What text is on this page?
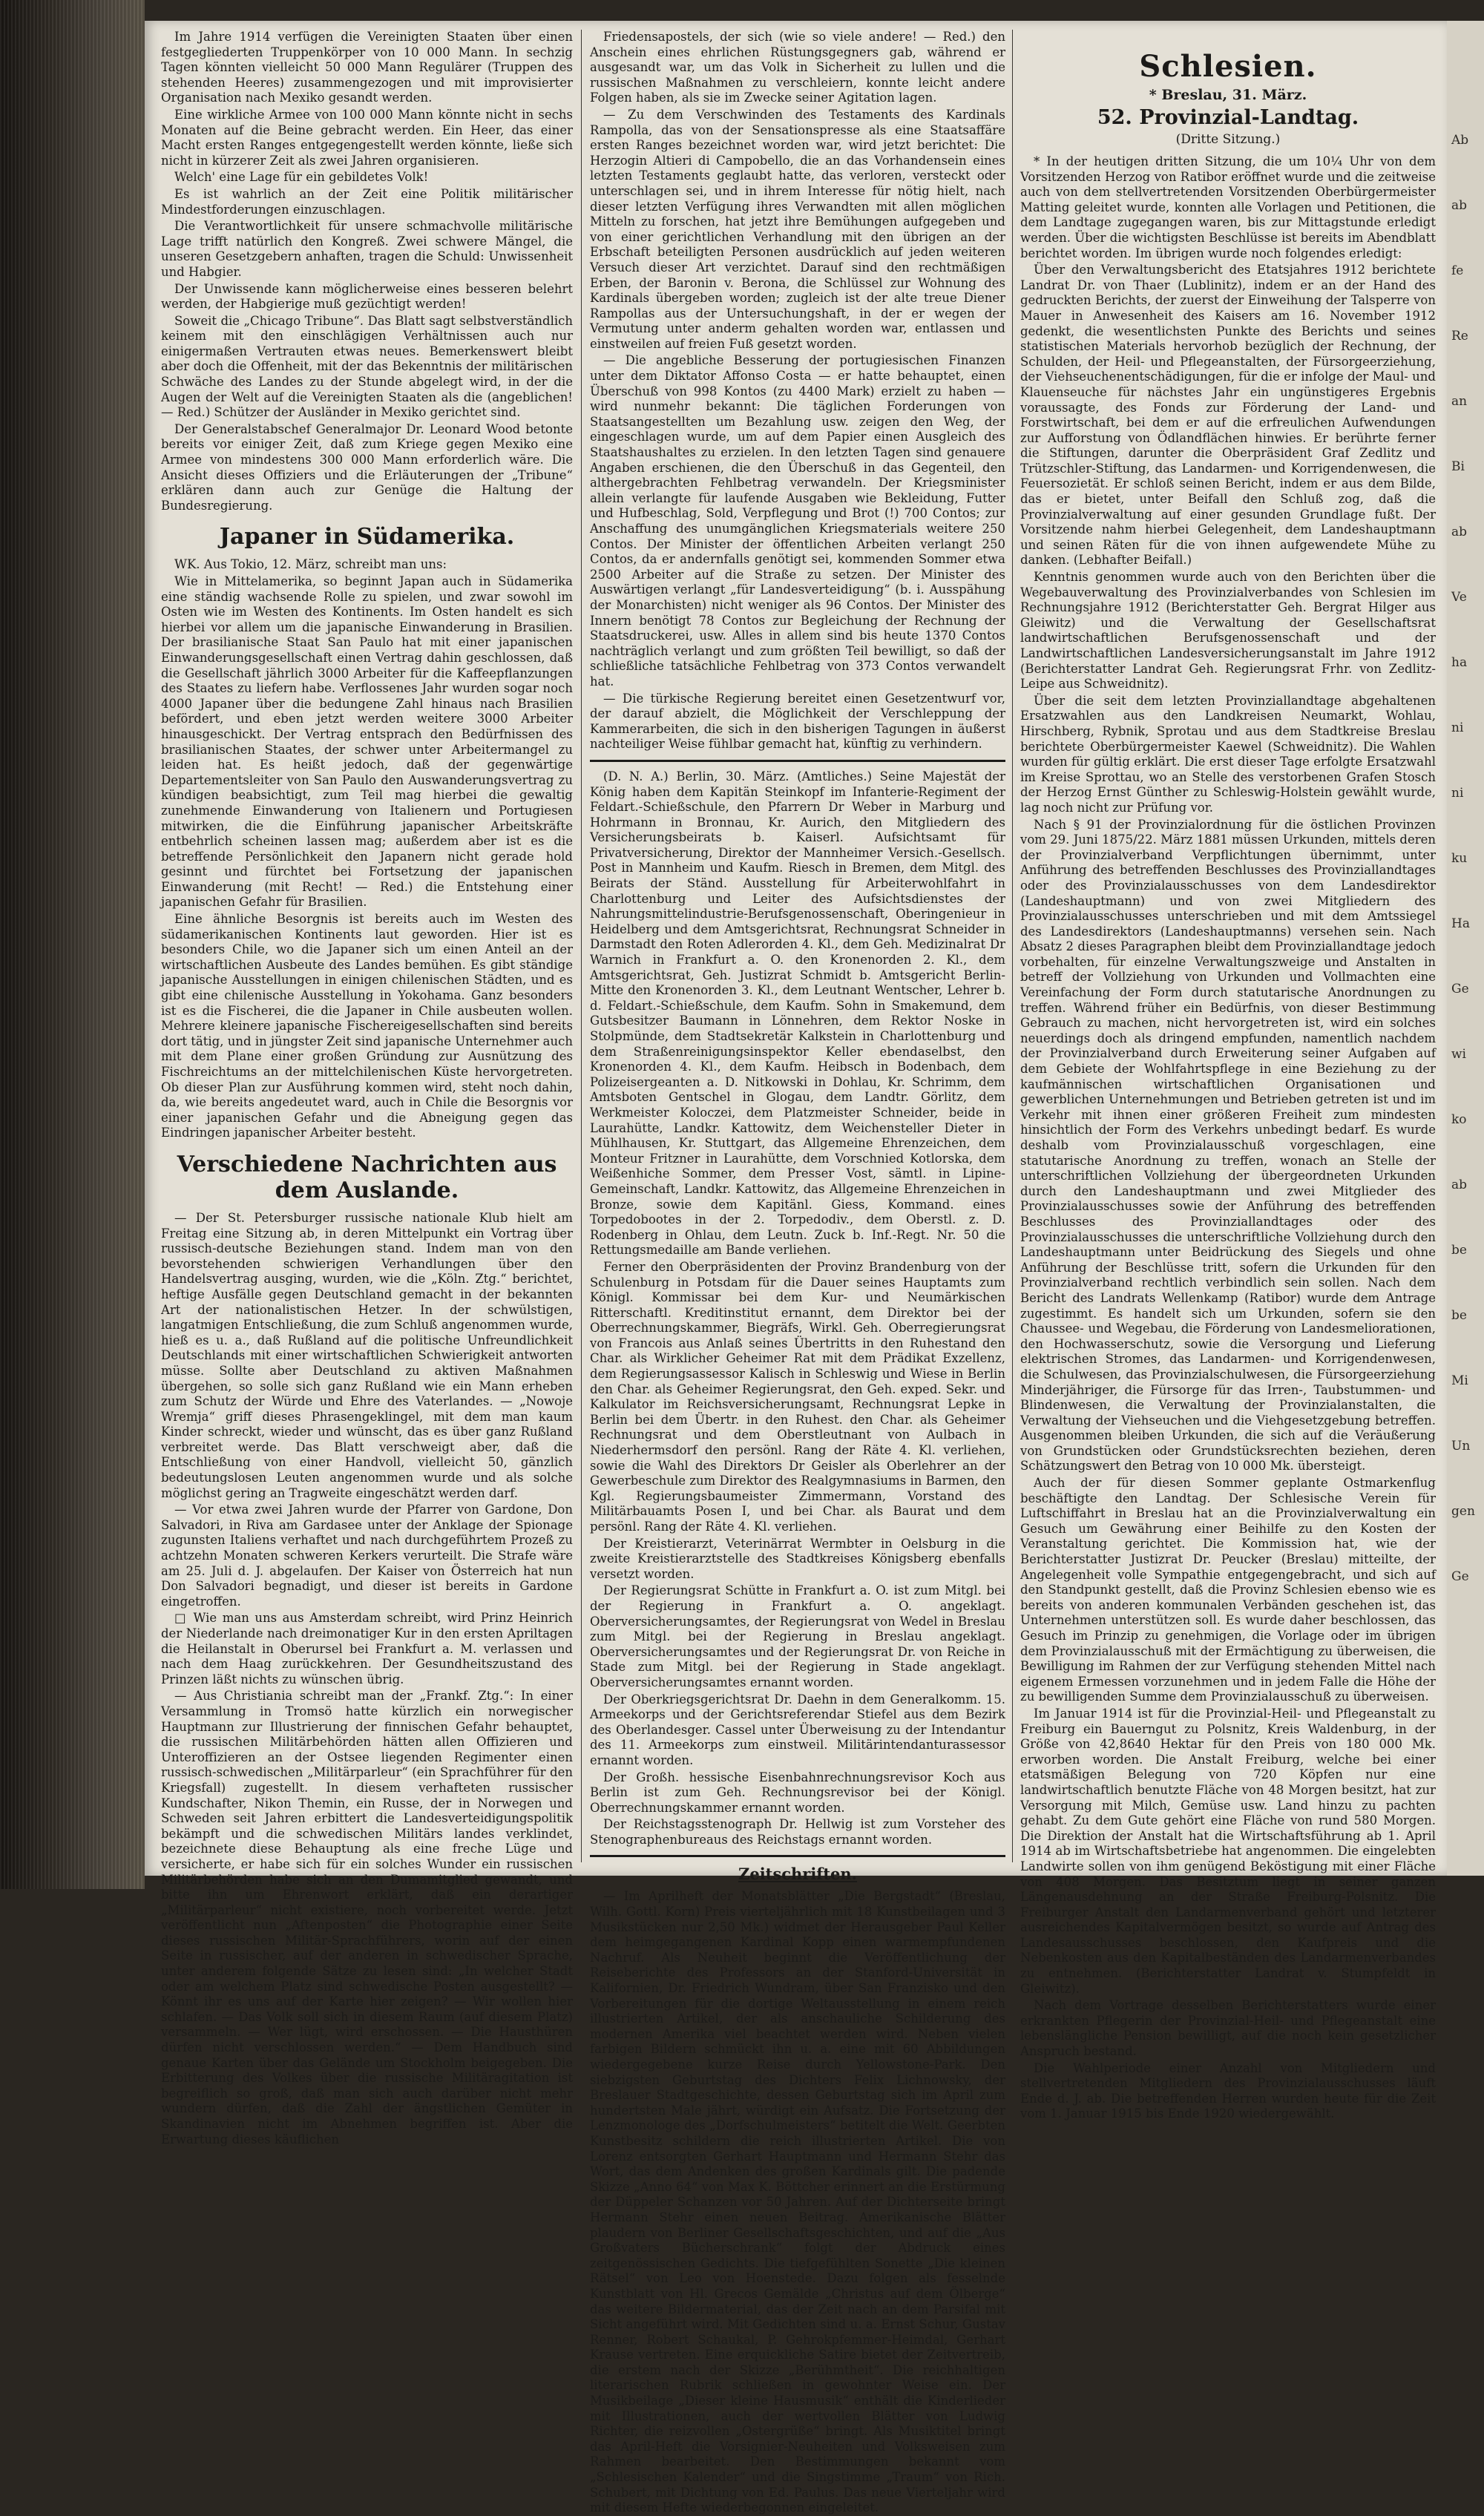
Im Jahre 1914 verfügen die Vereinigten Staaten über einen festgegliederten Truppenkörper von 10 000 Mann. In sechzig Tagen könnten vielleicht 50 000 Mann Regulärer (Truppen des stehenden Heeres) zusammengezogen und mit improvisierter Organisation nach Mexiko gesandt werden.

Eine wirkliche Armee von 100 000 Mann könnte nicht in sechs Monaten auf die Beine gebracht werden. Ein Heer, das einer Macht ersten Ranges entgegengestellt werden könnte, ließe sich nicht in kürzerer Zeit als zwei Jahren organisieren.

Welch' eine Lage für ein gebildetes Volk!

Es ist wahrlich an der Zeit eine Politik militärischer Mindestforderungen einzuschlagen.

Die Verantwortlichkeit für unsere schmachvolle militärische Lage trifft natürlich den Kongreß. Zwei schwere Mängel, die unseren Gesetzgebern anhaften, tragen die Schuld: Unwissenheit und Habgier.

Der Unwissende kann möglicherweise eines besseren belehrt werden, der Habgierige muß gezüchtigt werden!

Soweit die „Chicago Tribune“. Das Blatt sagt selbstverständlich keinem mit den einschlägigen Verhältnissen auch nur einigermaßen Vertrauten etwas neues. Bemerkenswert bleibt aber doch die Offenheit, mit der das Bekenntnis der militärischen Schwäche des Landes zu der Stunde abgelegt wird, in der die Augen der Welt auf die Vereinigten Staaten als die (angeblichen! — Red.) Schützer der Ausländer in Mexiko gerichtet sind.

Der Generalstabschef Generalmajor Dr. Leonard Wood betonte bereits vor einiger Zeit, daß zum Kriege gegen Mexiko eine Armee von mindestens 300 000 Mann erforderlich wäre. Die Ansicht dieses Offiziers und die Erläuterungen der „Tribune“ erklären dann auch zur Genüge die Haltung der Bundesregierung.

Japaner in Südamerika.

WK. Aus Tokio, 12. März, schreibt man uns:

Wie in Mittelamerika, so beginnt Japan auch in Südamerika eine ständig wachsende Rolle zu spielen, und zwar sowohl im Osten wie im Westen des Kontinents. Im Osten handelt es sich hierbei vor allem um die japanische Einwanderung in Brasilien. Der brasilianische Staat San Paulo hat mit einer japanischen Einwanderungsgesellschaft einen Vertrag dahin geschlossen, daß die Gesellschaft jährlich 3000 Arbeiter für die Kaffeepflanzungen des Staates zu liefern habe. Verflossenes Jahr wurden sogar noch 4000 Japaner über die bedungene Zahl hinaus nach Brasilien befördert, und eben jetzt werden weitere 3000 Arbeiter hinausgeschickt. Der Vertrag entsprach den Bedürfnissen des brasilianischen Staates, der schwer unter Arbeitermangel zu leiden hat. Es heißt jedoch, daß der gegenwärtige Departementsleiter von San Paulo den Auswanderungsvertrag zu kündigen beabsichtigt, zum Teil mag hierbei die gewaltig zunehmende Einwanderung von Italienern und Portugiesen mitwirken, die die Einführung japanischer Arbeitskräfte entbehrlich scheinen lassen mag; außerdem aber ist es die betreffende Persönlichkeit den Japanern nicht gerade hold gesinnt und fürchtet bei Fortsetzung der japanischen Einwanderung (mit Recht! — Red.) die Entstehung einer japanischen Gefahr für Brasilien.

Eine ähnliche Besorgnis ist bereits auch im Westen des südamerikanischen Kontinents laut geworden. Hier ist es besonders Chile, wo die Japaner sich um einen Anteil an der wirtschaftlichen Ausbeute des Landes bemühen. Es gibt ständige japanische Ausstellungen in einigen chilenischen Städten, und es gibt eine chilenische Ausstellung in Yokohama. Ganz besonders ist es die Fischerei, die die Japaner in Chile ausbeuten wollen. Mehrere kleinere japanische Fischereigesellschaften sind bereits dort tätig, und in jüngster Zeit sind japanische Unternehmer auch mit dem Plane einer großen Gründung zur Ausnützung des Fischreichtums an der mittelchilenischen Küste hervorgetreten. Ob dieser Plan zur Ausführung kommen wird, steht noch dahin, da, wie bereits angedeutet ward, auch in Chile die Besorgnis vor einer japanischen Gefahr und die Abneigung gegen das Eindringen japanischer Arbeiter besteht.

Verschiedene Nachrichten aus dem Auslande.

— Der St. Petersburger russische nationale Klub hielt am Freitag eine Sitzung ab, in deren Mittelpunkt ein Vortrag über russisch-deutsche Beziehungen stand. Indem man von den bevorstehenden schwierigen Verhandlungen über den Handelsvertrag ausging, wurden, wie die „Köln. Ztg.“ berichtet, heftige Ausfälle gegen Deutschland gemacht in der bekannten Art der nationalistischen Hetzer. In der schwülstigen, langatmigen Entschließung, die zum Schluß angenommen wurde, hieß es u. a., daß Rußland auf die politische Unfreundlichkeit Deutschlands mit einer wirtschaftlichen Schwierigkeit antworten müsse. Sollte aber Deutschland zu aktiven Maßnahmen übergehen, so solle sich ganz Rußland wie ein Mann erheben zum Schutz der Würde und Ehre des Vaterlandes. — „Nowoje Wremja“ griff dieses Phrasengeklingel, mit dem man kaum Kinder schreckt, wieder und wünscht, das es über ganz Rußland verbreitet werde. Das Blatt verschweigt aber, daß die Entschließung von einer Handvoll, vielleicht 50, gänzlich bedeutungslosen Leuten angenommen wurde und als solche möglichst gering an Tragweite eingeschätzt werden darf.

— Vor etwa zwei Jahren wurde der Pfarrer von Gardone, Don Salvadori, in Riva am Gardasee unter der Anklage der Spionage zugunsten Italiens verhaftet und nach durchgeführtem Prozeß zu achtzehn Monaten schweren Kerkers verurteilt. Die Strafe wäre am 25. Juli d. J. abgelaufen. Der Kaiser von Österreich hat nun Don Salvadori begnadigt, und dieser ist bereits in Gardone eingetroffen.

□ Wie man uns aus Amsterdam schreibt, wird Prinz Heinrich der Niederlande nach dreimonatiger Kur in den ersten Apriltagen die Heilanstalt in Oberursel bei Frankfurt a. M. verlassen und nach dem Haag zurückkehren. Der Gesundheitszustand des Prinzen läßt nichts zu wünschen übrig.

— Aus Christiania schreibt man der „Frankf. Ztg.“: In einer Versammlung in Tromsö hatte kürzlich ein norwegischer Hauptmann zur Illustrierung der finnischen Gefahr behauptet, die russischen Militärbehörden hätten allen Offizieren und Unteroffizieren an der Ostsee liegenden Regimenter einen russisch-schwedischen „Militärparleur“ (ein Sprachführer für den Kriegsfall) zugestellt. In diesem verhafteten russischer Kundschafter, Nikon Themin, ein Russe, der in Norwegen und Schweden seit Jahren erbittert die Landesverteidigungspolitik bekämpft und die schwedischen Militärs landes verklindet, bezeichnete diese Behauptung als eine freche Lüge und versicherte, er habe sich für ein solches Wunder ein russischen Militärbehörden habe sich an den Dumamitglied gewandt, und bitte ihn um Ehrenwort erklärt, daß ein derartiger „Militärparleur“ nicht existiere, noch vorbereitet werde. Jetzt veröffentlicht nun „Aftenposten“ die Photographie einer Seite dieses russischen Militär-Sprachführers, worin auf der einen Seite in russischer, auf der anderen in schwedischer Sprache, unter anderem folgende Sätze zu lesen sind: „In welcher Stadt oder am welchem Platz sind schwedische Posten ausgestellt? — Könnt ihr es uns auf der Karte hier zeigen? — Wir wollen hier schlafen. — Das Volk soll sich in diesem Raum (auf diesem Platz) versammeln. — Wer lügt, wird erschossen. — Die Hausthüren dürfen nicht verschlossen werden.“ — Dem Handbuch sind genaue Karten über das Gelände um Stockholm beigegeben. Die Erbitterung des Volkes über die russische Militäragitation ist begreiflich so groß, daß man sich auch darüber nicht mehr wundern dürfen, daß die Zahl der ängstlichen Gemüter in Skandinavien nicht im Abnehmen begriffen ist. Aber die Erwartung dieses käuflichen

Friedensapostels, der sich (wie so viele andere! — Red.) den Anschein eines ehrlichen Rüstungsgegners gab, während er ausgesandt war, um das Volk in Sicherheit zu lullen und die russischen Maßnahmen zu verschleiern, konnte leicht andere Folgen haben, als sie im Zwecke seiner Agitation lagen.

— Zu dem Verschwinden des Testaments des Kardinals Rampolla, das von der Sensationspresse als eine Staatsaffäre ersten Ranges bezeichnet worden war, wird jetzt berichtet: Die Herzogin Altieri di Campobello, die an das Vorhandensein eines letzten Testaments geglaubt hatte, das verloren, versteckt oder unterschlagen sei, und in ihrem Interesse für nötig hielt, nach dieser letzten Verfügung ihres Verwandten mit allen möglichen Mitteln zu forschen, hat jetzt ihre Bemühungen aufgegeben und von einer gerichtlichen Verhandlung mit den übrigen an der Erbschaft beteiligten Personen ausdrücklich auf jeden weiteren Versuch dieser Art verzichtet. Darauf sind den rechtmäßigen Erben, der Baronin v. Berona, die Schlüssel zur Wohnung des Kardinals übergeben worden; zugleich ist der alte treue Diener Rampollas aus der Untersuchungshaft, in der er wegen der Vermutung unter anderm gehalten worden war, entlassen und einstweilen auf freien Fuß gesetzt worden.

— Die angebliche Besserung der portugiesischen Finanzen unter dem Diktator Affonso Costa — er hatte behauptet, einen Überschuß von 998 Kontos (zu 4400 Mark) erzielt zu haben — wird nunmehr bekannt: Die täglichen Forderungen von Staatsangestellten um Bezahlung usw. zeigen den Weg, der eingeschlagen wurde, um auf dem Papier einen Ausgleich des Staatshaushaltes zu erzielen. In den letzten Tagen sind genauere Angaben erschienen, die den Überschuß in das Gegenteil, den althergebrachten Fehlbetrag verwandeln. Der Kriegsminister allein verlangte für laufende Ausgaben wie Bekleidung, Futter und Hufbeschlag, Sold, Verpflegung und Brot (!) 700 Contos; zur Anschaffung des unumgänglichen Kriegsmaterials weitere 250 Contos. Der Minister der öffentlichen Arbeiten verlangt 250 Contos, da er andernfalls genötigt sei, kommenden Sommer etwa 2500 Arbeiter auf die Straße zu setzen. Der Minister des Auswärtigen verlangt „für Landesverteidigung“ (b. i. Ausspähung der Monarchisten) nicht weniger als 96 Contos. Der Minister des Innern benötigt 78 Contos zur Begleichung der Rechnung der Staatsdruckerei, usw. Alles in allem sind bis heute 1370 Contos nachträglich verlangt und zum größten Teil bewilligt, so daß der schließliche tatsächliche Fehlbetrag von 373 Contos verwandelt hat.

— Die türkische Regierung bereitet einen Gesetzentwurf vor, der darauf abzielt, die Möglichkeit der Verschleppung der Kammerarbeiten, die sich in den bisherigen Tagungen in äußerst nachteiliger Weise fühlbar gemacht hat, künftig zu verhindern.

(D. N. A.) Berlin, 30. März. (Amtliches.) Seine Majestät der König haben dem Kapitän Steinkopf im Infanterie-Regiment der Feldart.-Schießschule, den Pfarrern Dr Weber in Marburg und Hohrmann in Bronnau, Kr. Aurich, den Mitgliedern des Versicherungsbeirats b. Kaiserl. Aufsichtsamt für Privatversicherung, Direktor der Mannheimer Versich.-Gesellsch. Post in Mannheim und Kaufm. Riesch in Bremen, dem Mitgl. des Beirats der Ständ. Ausstellung für Arbeiterwohlfahrt in Charlottenburg und Leiter des Aufsichtsdienstes der Nahrungsmittelindustrie-Berufsgenossenschaft, Oberingenieur in Heidelberg und dem Amtsgerichtsrat, Rechnungsrat Schneider in Darmstadt den Roten Adlerorden 4. Kl., dem Geh. Medizinalrat Dr Warnich in Frankfurt a. O. den Kronenorden 2. Kl., dem Amtsgerichtsrat, Geh. Justizrat Schmidt b. Amtsgericht Berlin-Mitte den Kronenorden 3. Kl., dem Leutnant Wentscher, Lehrer b. d. Feldart.-Schießschule, dem Kaufm. Sohn in Smakemund, dem Gutsbesitzer Baumann in Lönnehren, dem Rektor Noske in Stolpmünde, dem Stadtsekretär Kalkstein in Charlottenburg und dem Straßenreinigungsinspektor Keller ebendaselbst, den Kronenorden 4. Kl., dem Kaufm. Heibsch in Bodenbach, dem Polizeisergeanten a. D. Nitkowski in Dohlau, Kr. Schrimm, dem Amtsboten Gentschel in Glogau, dem Landtr. Görlitz, dem Werkmeister Koloczei, dem Platzmeister Schneider, beide in Laurahütte, Landkr. Kattowitz, dem Weichensteller Dieter in Mühlhausen, Kr. Stuttgart, das Allgemeine Ehrenzeichen, dem Monteur Fritzner in Laurahütte, dem Vorschnied Kotlorska, dem Weißenhiche Sommer, dem Presser Vost, sämtl. in Lipine-Gemeinschaft, Landkr. Kattowitz, das Allgemeine Ehrenzeichen in Bronze, sowie dem Kapitänl. Giess, Kommand. eines Torpedobootes in der 2. Torpedodiv., dem Oberstl. z. D. Rodenberg in Ohlau, dem Leutn. Zuck b. Inf.-Regt. Nr. 50 die Rettungsmedaille am Bande verliehen.

Ferner den Oberpräsidenten der Provinz Brandenburg von der Schulenburg in Potsdam für die Dauer seines Hauptamts zum Königl. Kommissar bei dem Kur- und Neumärkischen Ritterschaftl. Kreditinstitut ernannt, dem Direktor bei der Oberrechnungskammer, Biegräfs, Wirkl. Geh. Oberregierungsrat von Francois aus Anlaß seines Übertritts in den Ruhestand den Char. als Wirklicher Geheimer Rat mit dem Prädikat Exzellenz, dem Regierungsassessor Kalisch in Schleswig und Wiese in Berlin den Char. als Geheimer Regierungsrat, den Geh. exped. Sekr. und Kalkulator im Reichsversicherungsamt, Rechnungsrat Lepke in Berlin bei dem Übertr. in den Ruhest. den Char. als Geheimer Rechnungsrat und dem Oberstleutnant von Aulbach in Niederhermsdorf den persönl. Rang der Räte 4. Kl. verliehen, sowie die Wahl des Direktors Dr Geisler als Oberlehrer an der Gewerbeschule zum Direktor des Realgymnasiums in Barmen, den Kgl. Regierungsbaumeister Zimmermann, Vorstand des Militärbauamts Posen I, und bei Char. als Baurat und dem persönl. Rang der Räte 4. Kl. verliehen.

Der Kreistierarzt, Veterinärrat Wermbter in Oelsburg in die zweite Kreistierarztstelle des Stadtkreises Königsberg ebenfalls versetzt worden.

Der Regierungsrat Schütte in Frankfurt a. O. ist zum Mitgl. bei der Regierung in Frankfurt a. O. angeklagt. Oberversicherungsamtes, der Regierungsrat von Wedel in Breslau zum Mitgl. bei der Regierung in Breslau angeklagt. Oberversicherungsamtes und der Regierungsrat Dr. von Reiche in Stade zum Mitgl. bei der Regierung in Stade angeklagt. Oberversicherungsamtes ernannt worden.

Der Oberkriegsgerichtsrat Dr. Daehn in dem Generalkomm. 15. Armeekorps und der Gerichtsreferendar Stiefel aus dem Bezirk des Oberlandesger. Cassel unter Überweisung zu der Intendantur des 11. Armeekorps zum einstweil. Militärintendanturassessor ernannt worden.

Der Großh. hessische Eisenbahnrechnungsrevisor Koch aus Berlin ist zum Geh. Rechnungsrevisor bei der Königl. Oberrechnungskammer ernannt worden.

Der Reichstagsstenograph Dr. Hellwig ist zum Vorsteher des Stenographenbureaus des Reichstags ernannt worden.

Zeitschriften.

— Im Aprilheft der Monatsblätter „Die Bergstadt“ (Breslau, Wilh. Gottl. Korn) Preis vierteljährlich mit 18 Kunstbeilagen und 3 Musikstücken nur 2,50 Mk.) widmet der Herausgeber Paul Keller dem heimgegangenen Kardinal Kopp einen warmempfundenen Nachruf. Als Neuheit beginnt die Veröffentlichung der Reiseberichte des Professors an der Stanford-Universität in Kalifornien, Dr. Friedrich Wundram, über San Franzisko und den Vorbereitungen für die dortige Weltausstellung in einem reich illustrierten Artikel, der als anschauliche Schilderung des modernen Amerika viel beachtet werden wird. Neben vielen farbigen Bildern schmückt ihn u. a. eine mit 60 Abbildungen wiedergegebene kurze Reise durch Yellowstone-Park. Den siebzigsten Geburtstag des Dichters Felix Lichnowsky, der Breslauer Stadtgeschichte, dessen Geburtstag sich im April zum hundertsten Male jährt, würdigt ein Aufsatz. Die Fortsetzung der Lenzmonologe des „Dorfschulmeisters“ betitelt die Welt. Geerbten Kunstbesitz schildern die reich illustrierten Artikel. Die von Lorenz entsorgten Gerhart Hauptmann und Hermann Stehr das Wort, das dem Andenken des großen Kardinals gilt. Die padende Skizze „Anno 64“ von Max K. Böttcher erinnert an die Erstürmung der Düppeler Schanzen vor 50 Jahren. Auf der Dichterseite bringt Hermann Stehr einen neuen Beitrag. Amerikanische Blätter plaudern von Berliner Gesellschaftsgeschichten, und auf die „Aus Großvaters Bücherschrank“ folgt der Abdruck eines zeitgenössischen Gedichts. Die tiefgefühlten Sonette „Die kleinen Rätsel“ von Leo von Hoenstede. Dazu folgen als fesselnde Kunstblatt von Hl. Grecos Gemälde „Christus auf dem Ölberge“ das weitere Bildermaterial, das der Zeit nach an dem Parsifal mit Sicht angeführt wird. Mit Gedichten sind u. a. Ernst Schur, Gustav Renner, Robert Schaukal, P. Gehrokpfemmer-Heimdal, Gerhart Krause vertreten. Eine erquickliche Satire bietet der Zeitvertreib, die erstem nach der Skizze „Berühmtheit“. Die reichhaltigen literarischen Rubrik schließen in gewohnter Weise ein. Der Musikbeilage „Dieser kleine Hausmusik“ enthält die Kinderlieder mit Illustrationen, auch der wertvollen Blätter von Ludwig Richter, die reizvollen „Ostergrüße“ bringt. Als Musiktitel bringt das April-Heft die Vorsignier-Neuheiten und Volksweisen zum Rahmen bearbeitet. Den Bestimmungen bekannt vom „Schlesischen Kalender“ und die Singstimme „Traum“ von Rich. Schubert, mit Dichtung von Ed. Paulus. Das neue Vierteljahr wird mit diesem Hefte wiederbegonnen eingeleitet.

Schlesien.
* Breslau, 31. März.
52. Provinzial-Landtag.
(Dritte Sitzung.)

* In der heutigen dritten Sitzung, die um 10¼ Uhr von dem Vorsitzenden Herzog von Ratibor eröffnet wurde und die zeitweise auch von dem stellvertretenden Vorsitzenden Oberbürgermeister Matting geleitet wurde, konnten alle Vorlagen und Petitionen, die dem Landtage zugegangen waren, bis zur Mittagstunde erledigt werden. Über die wichtigsten Beschlüsse ist bereits im Abendblatt berichtet worden. Im übrigen wurde noch folgendes erledigt:

Über den Verwaltungsbericht des Etatsjahres 1912 berichtete Landrat Dr. von Thaer (Lublinitz), indem er an der Hand des gedruckten Berichts, der zuerst der Einweihung der Talsperre von Mauer in Anwesenheit des Kaisers am 16. November 1912 gedenkt, die wesentlichsten Punkte des Berichts und seines statistischen Materials hervorhob bezüglich der Rechnung, der Schulden, der Heil- und Pflegeanstalten, der Fürsorgeerziehung, der Viehseuchenentschädigungen, für die er infolge der Maul- und Klauenseuche für nächstes Jahr ein ungünstigeres Ergebnis voraussagte, des Fonds zur Förderung der Land- und Forstwirtschaft, bei dem er auf die erfreulichen Aufwendungen zur Aufforstung von Ödlandflächen hinwies. Er berührte ferner die Stiftungen, darunter die Oberpräsident Graf Zedlitz und Trützschler-Stiftung, das Landarmen- und Korrigendenwesen, die Feuersozietät. Er schloß seinen Bericht, indem er aus dem Bilde, das er bietet, unter Beifall den Schluß zog, daß die Provinzialverwaltung auf einer gesunden Grundlage fußt. Der Vorsitzende nahm hierbei Gelegenheit, dem Landeshauptmann und seinen Räten für die von ihnen aufgewendete Mühe zu danken. (Lebhafter Beifall.)

Kenntnis genommen wurde auch von den Berichten über die Wegebauverwaltung des Provinzialverbandes von Schlesien im Rechnungsjahre 1912 (Berichterstatter Geh. Bergrat Hilger aus Gleiwitz) und die Verwaltung der Gesellschaftsrat landwirtschaftlichen Berufsgenossenschaft und der Landwirtschaftlichen Landesversicherungsanstalt im Jahre 1912 (Berichterstatter Landrat Geh. Regierungsrat Frhr. von Zedlitz-Leipe aus Schweidnitz).

Über die seit dem letzten Provinziallandtage abgehaltenen Ersatzwahlen aus den Landkreisen Neumarkt, Wohlau, Hirschberg, Rybnik, Sprotau und aus dem Stadtkreise Breslau berichtete Oberbürgermeister Kaewel (Schweidnitz). Die Wahlen wurden für gültig erklärt. Die erst dieser Tage erfolgte Ersatzwahl im Kreise Sprottau, wo an Stelle des verstorbenen Grafen Stosch der Herzog Ernst Günther zu Schleswig-Holstein gewählt wurde, lag noch nicht zur Prüfung vor.

Nach § 91 der Provinzialordnung für die östlichen Provinzen vom 29. Juni 1875/22. März 1881 müssen Urkunden, mittels deren der Provinzialverband Verpflichtungen übernimmt, unter Anführung des betreffenden Beschlusses des Provinziallandtages oder des Provinzialausschusses von dem Landesdirektor (Landeshauptmann) und von zwei Mitgliedern des Provinzialausschusses unterschrieben und mit dem Amtssiegel des Landesdirektors (Landeshauptmanns) versehen sein. Nach Absatz 2 dieses Paragraphen bleibt dem Provinziallandtage jedoch vorbehalten, für einzelne Verwaltungszweige und Anstalten in betreff der Vollziehung von Urkunden und Vollmachten eine Vereinfachung der Form durch statutarische Anordnungen zu treffen. Während früher ein Bedürfnis, von dieser Bestimmung Gebrauch zu machen, nicht hervorgetreten ist, wird ein solches neuerdings doch als dringend empfunden, namentlich nachdem der Provinzialverband durch Erweiterung seiner Aufgaben auf dem Gebiete der Wohlfahrtspflege in eine Beziehung zu der kaufmännischen wirtschaftlichen Organisationen und gewerblichen Unternehmungen und Betrieben getreten ist und im Verkehr mit ihnen einer größeren Freiheit zum mindesten hinsichtlich der Form des Verkehrs unbedingt bedarf. Es wurde deshalb vom Provinzialausschuß vorgeschlagen, eine statutarische Anordnung zu treffen, wonach an Stelle der unterschriftlichen Vollziehung der übergeordneten Urkunden durch den Landeshauptmann und zwei Mitglieder des Provinzialausschusses sowie der Anführung des betreffenden Beschlusses des Provinziallandtages oder des Provinzialausschusses die unterschriftliche Vollziehung durch den Landeshauptmann unter Beidrückung des Siegels und ohne Anführung der Beschlüsse tritt, sofern die Urkunden für den Provinzialverband rechtlich verbindlich sein sollen. Nach dem Bericht des Landrats Wellenkamp (Ratibor) wurde dem Antrage zugestimmt. Es handelt sich um Urkunden, sofern sie den Chaussee- und Wegebau, die Förderung von Landesmeliorationen, den Hochwasserschutz, sowie die Versorgung und Lieferung elektrischen Stromes, das Landarmen- und Korrigendenwesen, die Schulwesen, das Provinzialschulwesen, die Fürsorgeerziehung Minderjähriger, die Fürsorge für das Irren-, Taubstummen- und Blindenwesen, die Verwaltung der Provinzialanstalten, die Verwaltung der Viehseuchen und die Viehgesetzgebung betreffen. Ausgenommen bleiben Urkunden, die sich auf die Veräußerung von Grundstücken oder Grundstücksrechten beziehen, deren Schätzungswert den Betrag von 10 000 Mk. übersteigt.

Auch der für diesen Sommer geplante Ostmarkenflug beschäftigte den Landtag. Der Schlesische Verein für Luftschiffahrt in Breslau hat an die Provinzialverwaltung ein Gesuch um Gewährung einer Beihilfe zu den Kosten der Veranstaltung gerichtet. Die Kommission hat, wie der Berichterstatter Justizrat Dr. Peucker (Breslau) mitteilte, der Angelegenheit volle Sympathie entgegengebracht, und sich auf den Standpunkt gestellt, daß die Provinz Schlesien ebenso wie es bereits von anderen kommunalen Verbänden geschehen ist, das Unternehmen unterstützen soll. Es wurde daher beschlossen, das Gesuch im Prinzip zu genehmigen, die Vorlage oder im übrigen dem Provinzialausschuß mit der Ermächtigung zu überweisen, die Bewilligung im Rahmen der zur Verfügung stehenden Mittel nach eigenem Ermessen vorzunehmen und in jedem Falle die Höhe der zu bewilligenden Summe dem Provinzialausschuß zu überweisen.

Im Januar 1914 ist für die Provinzial-Heil- und Pflegeanstalt zu Freiburg ein Bauerngut zu Polsnitz, Kreis Waldenburg, in der Größe von 42,8640 Hektar für den Preis von 180 000 Mk. erworben worden. Die Anstalt Freiburg, welche bei einer etatsmäßigen Belegung von 720 Köpfen nur eine landwirtschaftlich benutzte Fläche von 48 Morgen besitzt, hat zur Versorgung mit Milch, Gemüse usw. Land hinzu zu pachten gehabt. Zu dem Gute gehört eine Fläche von rund 580 Morgen. Die Direktion der Anstalt hat die Wirtschaftsführung ab 1. April 1914 ab im Wirtschaftsbetriebe hat angenommen. Die eingelebten Landwirte sollen von ihm genügend Beköstigung mit einer Fläche von 408 Morgen. Das Besitztum liegt in seiner ganzen Längenausdehnung an der Straße Freiburg-Polsnitz. Die Freiburger Anstalt den Landarmenverband gehört und letzterer ausreichendes Kapitalvermögen besitzt, so wurde auf Antrag des Landesausschusses beschlossen, den Kaufpreis und die Nebenkosten aus den Kapitalbeständen des Landarmenverbandes zu entnehmen. (Berichterstatter Landrat v. Stumpfeldt in Gleiwitz).

Nach dem Vortrage desselben Berichterstatters wurde einer erkrankten Pflegerin der Provinzial-Heil- und Pflegeanstalt eine lebenslängliche Pension bewilligt, auf die noch kein gesetzlicher Anspruch bestand.

Die Wahlperiode einer Anzahl von Mitgliedern und stellvertretenden Mitgliedern des Provinzialausschusses läuft Ende d. J. ab. Die betreffenden Herren wurden heute für die Zeit vom 1. Januar 1915 bis Ende 1920 wiedergewählt.

Ab
ab
fe
Re
an
Bi
ab
Ve
ha
ni
ni
ku
Ha
Ge
wi
ko
ab
be
be
Mi
Un
gen
Ge
